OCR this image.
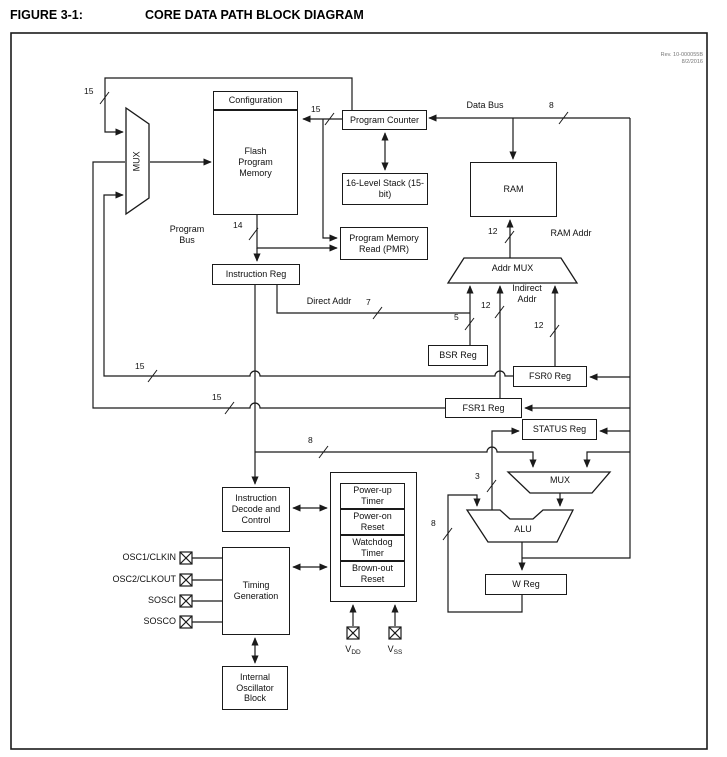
FIGURE 3-1:	CORE DATA PATH BLOCK DIAGRAM
Rev. 10-000055B
8/2/2016
Configuration
Flash Program Memory
Program Counter
16-Level Stack (15-bit)	RAM
Program Memory Read (PMR)
Instruction Reg
BSR Reg
FSR0 Reg
FSR1 Reg
STATUS Reg
W Reg
Instruction Decode and Control
Timing Generation
Internal Oscillator Block
Power-up Timer
Power-on Reset
Watchdog Timer
Brown-out Reset
MUX
Addr MUX
MUX
ALU
Data Bus
Program Bus
Direct Addr
Indirect Addr
RAM Addr
15
15
14
8
7
5
12
12
12
15
15
8
3
8
OSC1/CLKIN
OSC2/CLKOUT
SOSCI
SOSCO
$V_{DD}$	$V_{SS}$
